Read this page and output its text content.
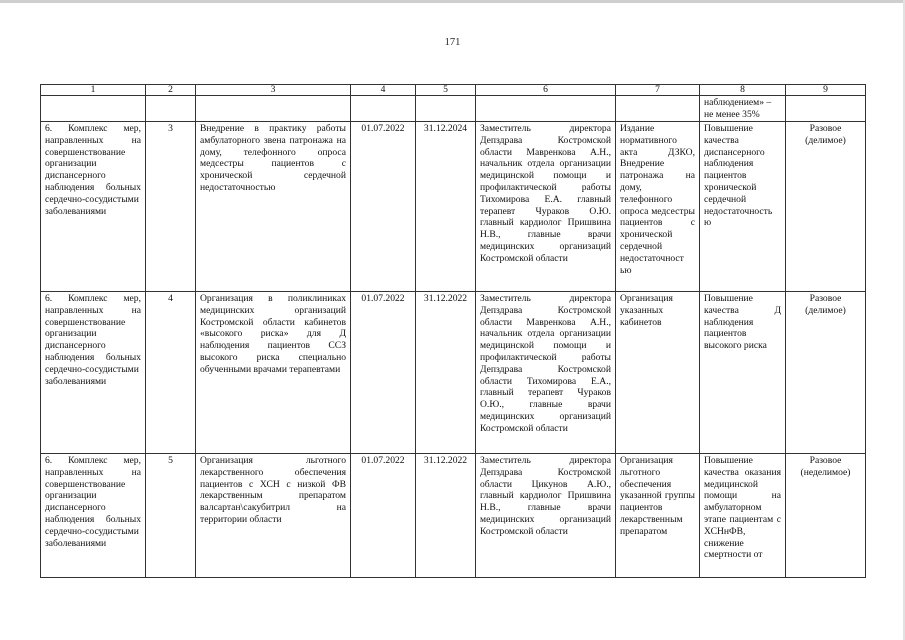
171
1	2	3	4	5	6	7	8	9
							наблюдением» –
не менее 35%	
6. Комплекс мер, направленных на совершенствование организации диспансерного наблюдения больных сердечно-сосудистыми заболеваниями	3	Внедрение в практику работы амбулаторного звена патронажа на дому, телефонного опроса медсестры пациентов с хронической сердечной недостаточностью	01.07.2022	31.12.2024	Заместитель директора Депздрава Костромской области Мавренкова А.Н., начальник отдела организации медицинской помощи и профилактической работы Тихомирова Е.А. главный терапевт Чураков О.Ю. главный кардиолог Пришвина Н.В., главные врачи медицинских организаций Костромской области	Издание нормативного акта ДЗКО, Внедрение патронажа на дому, телефонного опроса медсестры пациентов с хронической сердечной недостаточност ью	Повышение качества диспансерного наблюдения пациентов хронической сердечной недостаточность ю	Разовое (делимое)
6. Комплекс мер, направленных на совершенствование организации диспансерного наблюдения больных сердечно-сосудистыми заболеваниями	4	Организация в поликлиниках медицинских организаций Костромской области кабинетов «высокого риска» для Д наблюдения пациентов ССЗ высокого риска специально обученными врачами терапевтами	01.07.2022	31.12.2022	Заместитель директора Депздрава Костромской области Мавренкова А.Н., начальник отдела организации медицинской помощи и профилактической работы Депздрава Костромской области Тихомирова Е.А., главный терапевт Чураков О.Ю., главные врачи медицинских организаций Костромской области	Организация указанных кабинетов	Повышение качества Д наблюдения пациентов высокого риска	Разовое (делимое)
6. Комплекс мер, направленных на совершенствование организации диспансерного наблюдения больных сердечно-сосудистыми заболеваниями	5	Организация льготного лекарственного обеспечения пациентов с ХСН с низкой ФВ лекарственным препаратом валсартан\сакубитрил на территории области	01.07.2022	31.12.2022	Заместитель директора Депздрава Костромской области Цикунов А.Ю., главный кардиолог Пришвина Н.В., главные врачи медицинских организаций Костромской области	Организация льготного обеспечения указанной группы пациентов лекарственным препаратом	Повышение качества оказания медицинской помощи на амбулаторном этапе пациентам с ХСНнФВ, снижение смертности от	Разовое (неделимое)
